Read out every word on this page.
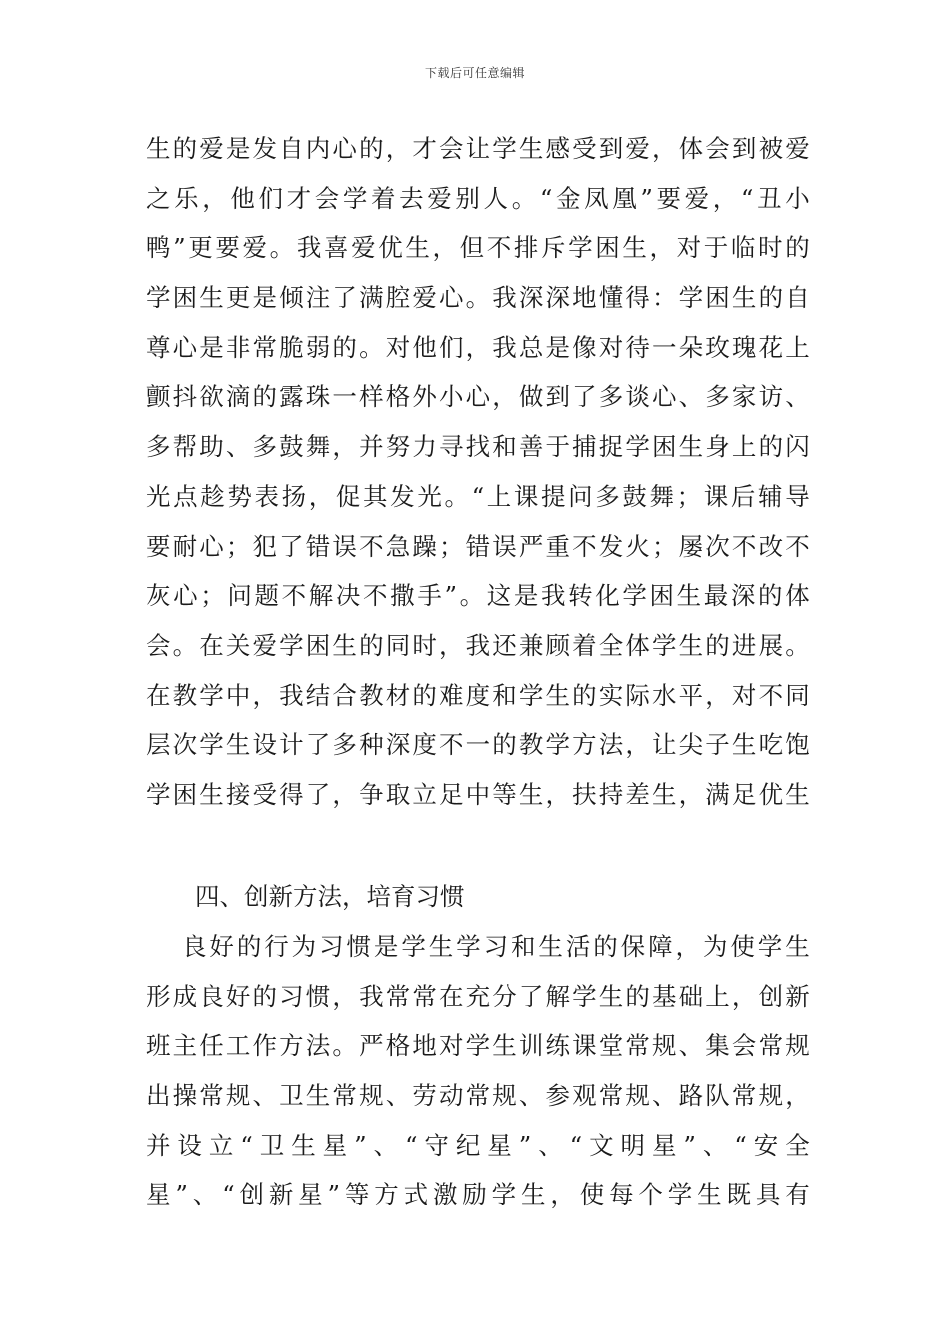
下载后可任意编辑
生的爱是发自内心的，才会让学生感受到爱，体会到被爱
之乐，他们才会学着去爱别人。“金凤凰”要爱，“丑小
鸭”更要爱。我喜爱优生，但不排斥学困生，对于临时的
学困生更是倾注了满腔爱心。我深深地懂得：学困生的自
尊心是非常脆弱的。对他们，我总是像对待一朵玫瑰花上
颤抖欲滴的露珠一样格外小心，做到了多谈心、多家访、
多帮助、多鼓舞，并努力寻找和善于捕捉学困生身上的闪
光点趁势表扬，促其发光。“上课提问多鼓舞；课后辅导
要耐心；犯了错误不急躁；错误严重不发火；屡次不改不
灰心；问题不解决不撒手”。这是我转化学困生最深的体
会。在关爱学困生的同时，我还兼顾着全体学生的进展。
在教学中，我结合教材的难度和学生的实际水平，对不同
层次学生设计了多种深度不一的教学方法，让尖子生吃饱
学困生接受得了，争取立足中等生，扶持差生，满足优生
四、创新方法，培育习惯
良好的行为习惯是学生学习和生活的保障，为使学生
形成良好的习惯，我常常在充分了解学生的基础上，创新
班主任工作方法。严格地对学生训练课堂常规、集会常规
出操常规、卫生常规、劳动常规、参观常规、路队常规，
并设立“卫生星”、“守纪星”、“文明星”、“安全
星”、“创新星”等方式激励学生，使每个学生既具有
